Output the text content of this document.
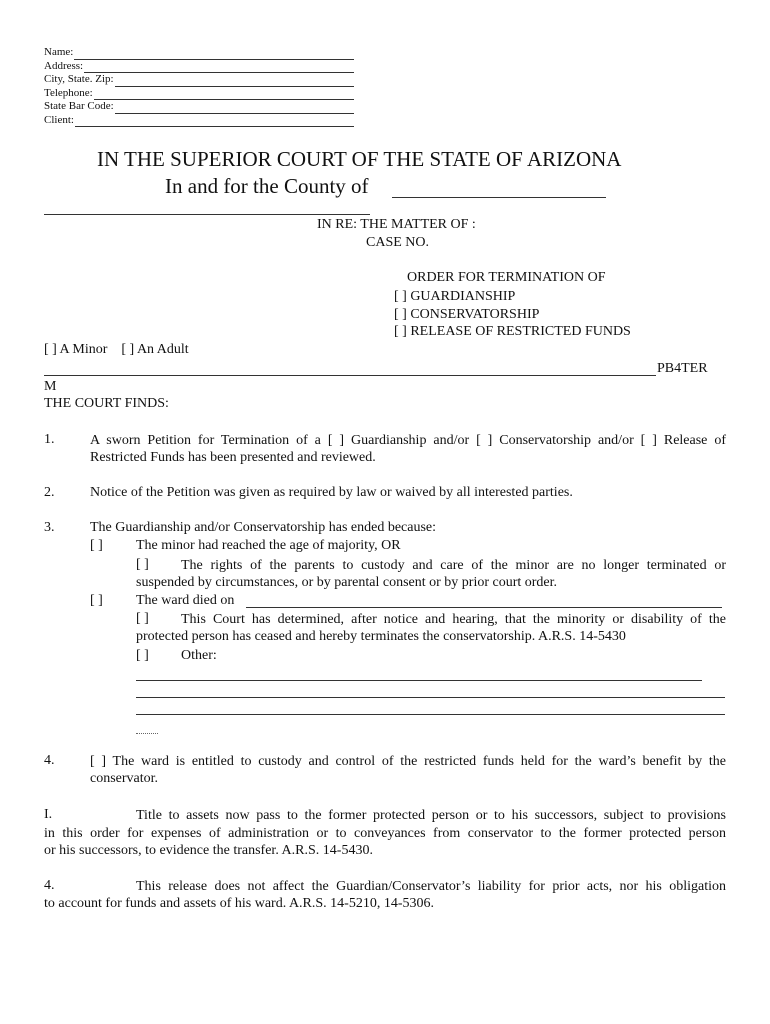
Name:
Address:
City, State. Zip:
Telephone:
State Bar Code:
Client:
IN THE SUPERIOR COURT OF THE STATE OF ARIZONA
In and for the County of
IN RE: THE MATTER OF :
CASE NO.
ORDER FOR TERMINATION OF
[ ] GUARDIANSHIP
[ ] CONSERVATORSHIP
[ ] RELEASE OF RESTRICTED FUNDS
[ ] A Minor    [ ] An Adult
PB4TER
M
THE COURT FINDS:
1.	A sworn Petition for Termination of a [ ] Guardianship and/or [ ] Conservatorship and/or [ ] Release of
Restricted Funds has been presented and reviewed.
2.	Notice of the Petition was given as required by law or waived by all interested parties.
3.	The Guardianship and/or Conservatorship has ended because:
[ ] The minor had reached the age of majority, OR
[ ] The rights of the parents to custody and care of the minor are no longer terminated or
suspended by circumstances, or by parental consent or by prior court order.
[ ] The ward died on
[ ] This Court has determined, after notice and hearing, that the minority or disability of the
protected person has ceased and hereby terminates the conservatorship. A.R.S. 14-5430
[ ] Other:
4.	[ ] The ward is entitled to custody and control of the restricted funds held for the ward’s benefit by the
conservator.
I.	Title to assets now pass to the former protected person or to his successors, subject to provisions
in this order for expenses of administration or to conveyances from conservator to the former protected person
or his successors, to evidence the transfer. A.R.S. 14-5430.
4.	This release does not affect the Guardian/Conservator’s liability for prior acts, nor his obligation
to account for funds and assets of his ward. A.R.S. 14-5210, 14-5306.
